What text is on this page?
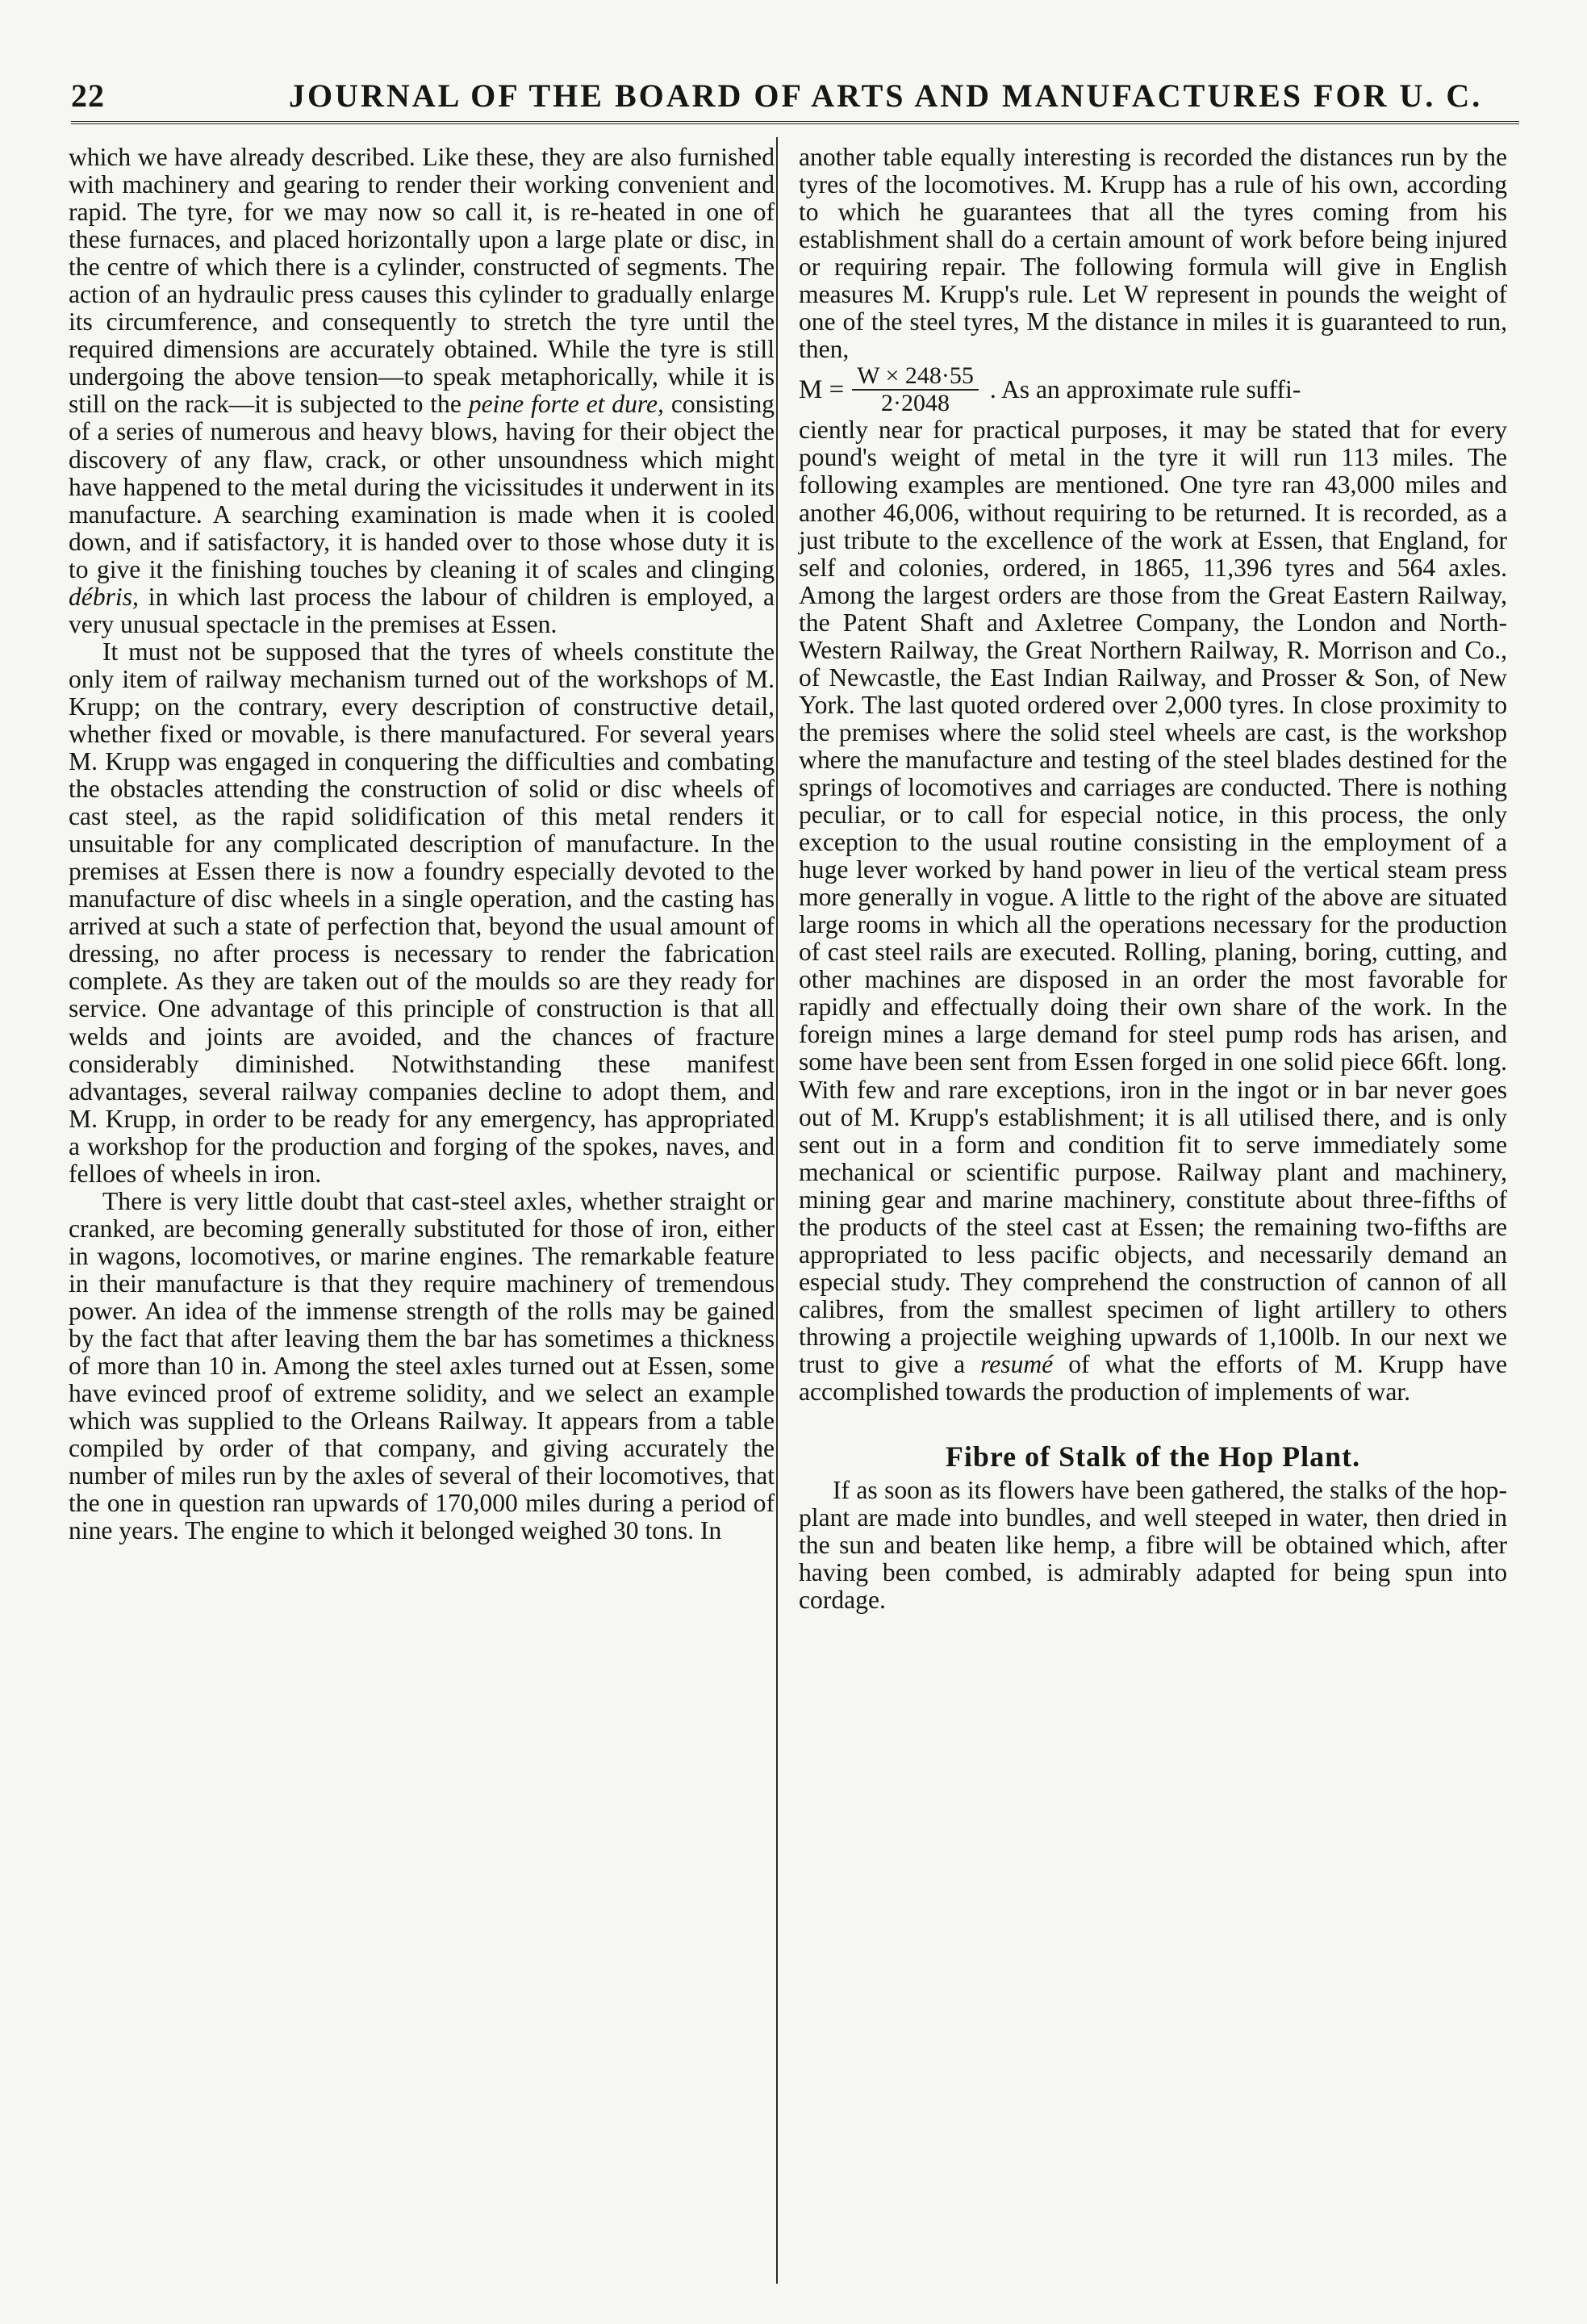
22	JOURNAL OF THE BOARD OF ARTS AND MANUFACTURES FOR U. C.

which we have already described. Like these, they are also furnished with machinery and gearing to render their working convenient and rapid. The tyre, for we may now so call it, is re-heated in one of these furnaces, and placed horizontally upon a large plate or disc, in the centre of which there is a cylinder, constructed of segments. The action of an hydraulic press causes this cylinder to gradually enlarge its circumference, and consequently to stretch the tyre until the required dimensions are accurately obtained. While the tyre is still undergoing the above tension—to speak metaphorically, while it is still on the rack—it is subjected to the peine forte et dure, consisting of a series of numerous and heavy blows, having for their object the discovery of any flaw, crack, or other unsoundness which might have happened to the metal during the vicissitudes it underwent in its manufacture. A searching examination is made when it is cooled down, and if satisfactory, it is handed over to those whose duty it is to give it the finishing touches by cleaning it of scales and clinging débris, in which last process the labour of children is employed, a very unusual spectacle in the premises at Essen.

It must not be supposed that the tyres of wheels constitute the only item of railway mechanism turned out of the workshops of M. Krupp; on the contrary, every description of constructive detail, whether fixed or movable, is there manufactured. For several years M. Krupp was engaged in conquering the difficulties and combating the obstacles attending the construction of solid or disc wheels of cast steel, as the rapid solidification of this metal renders it unsuitable for any complicated description of manufacture. In the premises at Essen there is now a foundry especially devoted to the manufacture of disc wheels in a single operation, and the casting has arrived at such a state of perfection that, beyond the usual amount of dressing, no after process is necessary to render the fabrication complete. As they are taken out of the moulds so are they ready for service. One advantage of this principle of construction is that all welds and joints are avoided, and the chances of fracture considerably diminished. Notwithstanding these manifest advantages, several railway companies decline to adopt them, and M. Krupp, in order to be ready for any emergency, has appropriated a workshop for the production and forging of the spokes, naves, and felloes of wheels in iron.

There is very little doubt that cast-steel axles, whether straight or cranked, are becoming generally substituted for those of iron, either in wagons, locomotives, or marine engines. The remarkable feature in their manufacture is that they require machinery of tremendous power. An idea of the immense strength of the rolls may be gained by the fact that after leaving them the bar has sometimes a thickness of more than 10 in. Among the steel axles turned out at Essen, some have evinced proof of extreme solidity, and we select an example which was supplied to the Orleans Railway. It appears from a table compiled by order of that company, and giving accurately the number of miles run by the axles of several of their locomotives, that the one in question ran upwards of 170,000 miles during a period of nine years. The engine to which it belonged weighed 30 tons. In

another table equally interesting is recorded the distances run by the tyres of the locomotives. M. Krupp has a rule of his own, according to which he guarantees that all the tyres coming from his establishment shall do a certain amount of work before being injured or requiring repair. The following formula will give in English measures M. Krupp's rule. Let W represent in pounds the weight of one of the steel tyres, M the distance in miles it is guaranteed to run, then,

$M = \frac{W \times 248\cdot 55}{2\cdot 2048}$ . As an approximate rule suffi-

ciently near for practical purposes, it may be stated that for every pound's weight of metal in the tyre it will run 113 miles. The following examples are mentioned. One tyre ran 43,000 miles and another 46,006, without requiring to be returned. It is recorded, as a just tribute to the excellence of the work at Essen, that England, for self and colonies, ordered, in 1865, 11,396 tyres and 564 axles. Among the largest orders are those from the Great Eastern Railway, the Patent Shaft and Axletree Company, the London and North-Western Railway, the Great Northern Railway, R. Morrison and Co., of Newcastle, the East Indian Railway, and Prosser & Son, of New York. The last quoted ordered over 2,000 tyres. In close proximity to the premises where the solid steel wheels are cast, is the workshop where the manufacture and testing of the steel blades destined for the springs of locomotives and carriages are conducted. There is nothing peculiar, or to call for especial notice, in this process, the only exception to the usual routine consisting in the employment of a huge lever worked by hand power in lieu of the vertical steam press more generally in vogue. A little to the right of the above are situated large rooms in which all the operations necessary for the production of cast steel rails are executed. Rolling, planing, boring, cutting, and other machines are disposed in an order the most favorable for rapidly and effectually doing their own share of the work. In the foreign mines a large demand for steel pump rods has arisen, and some have been sent from Essen forged in one solid piece 66ft. long. With few and rare exceptions, iron in the ingot or in bar never goes out of M. Krupp's establishment; it is all utilised there, and is only sent out in a form and condition fit to serve immediately some mechanical or scientific purpose. Railway plant and machinery, mining gear and marine machinery, constitute about three-fifths of the products of the steel cast at Essen; the remaining two-fifths are appropriated to less pacific objects, and necessarily demand an especial study. They comprehend the construction of cannon of all calibres, from the smallest specimen of light artillery to others throwing a projectile weighing upwards of 1,100lb. In our next we trust to give a resumé of what the efforts of M. Krupp have accomplished towards the production of implements of war.

Fibre of Stalk of the Hop Plant.

If as soon as its flowers have been gathered, the stalks of the hop-plant are made into bundles, and well steeped in water, then dried in the sun and beaten like hemp, a fibre will be obtained which, after having been combed, is admirably adapted for being spun into cordage.
